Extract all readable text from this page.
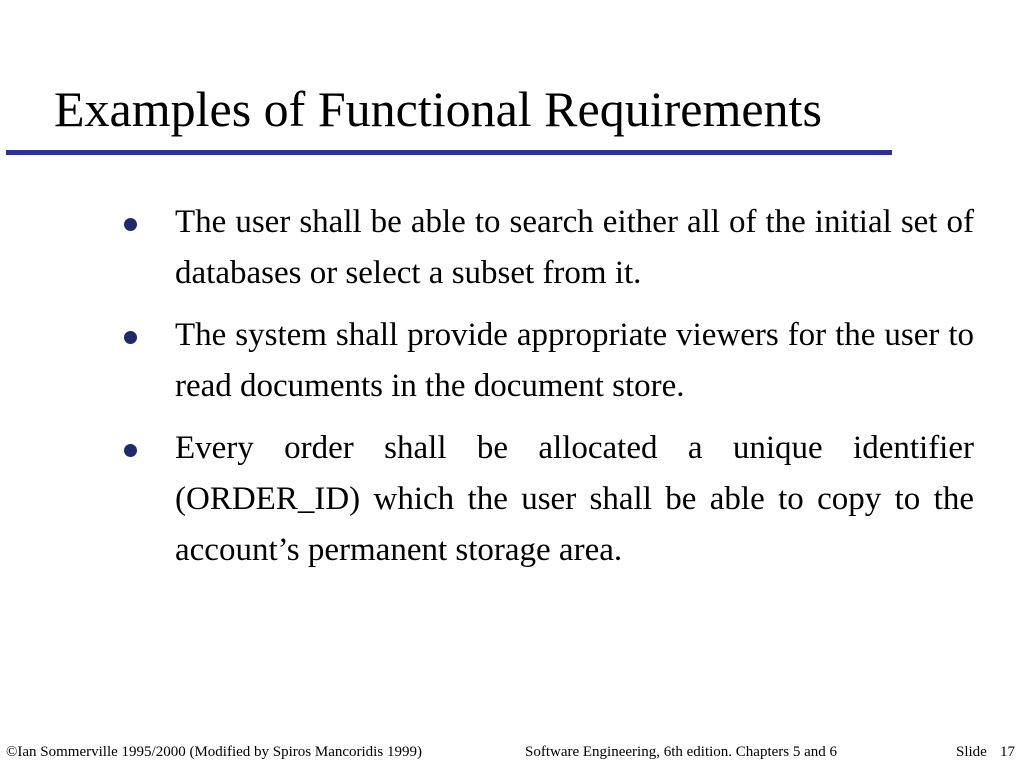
Examples of Functional Requirements
The user shall be able to search either all of the initial set of databases or select a subset from it.
The system shall provide appropriate viewers for the user to read documents in the document store.
Every order shall be allocated a unique identifier (ORDER_ID) which the user shall be able to copy to the account’s permanent storage area.
©Ian Sommerville 1995/2000 (Modified by Spiros Mancoridis 1999)	Software Engineering, 6th edition. Chapters 5 and 6	Slide 17
